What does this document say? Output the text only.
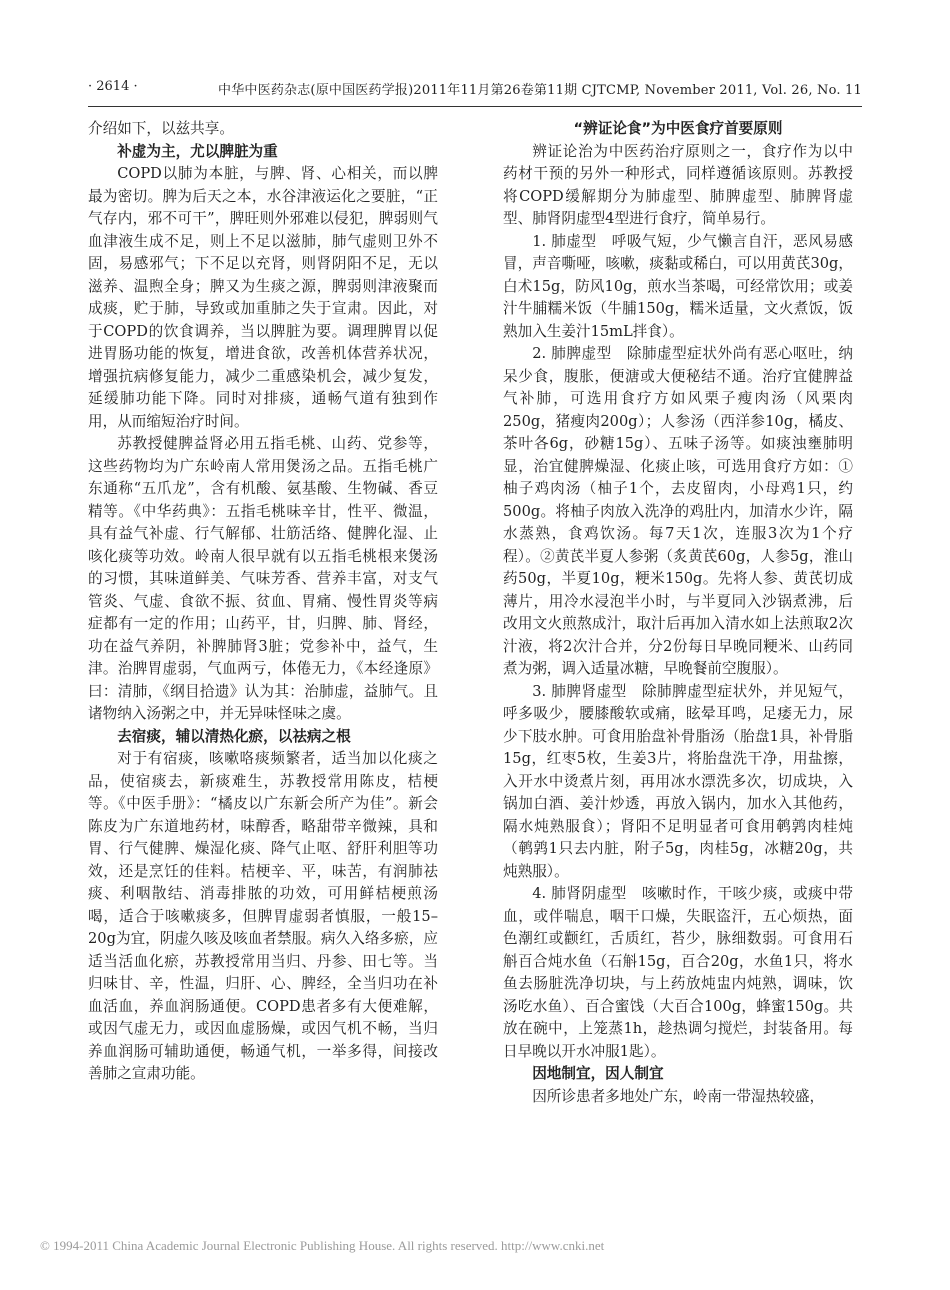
· 2614 ·	中华中医药杂志(原中国医药学报)2011年11月第26卷第11期 CJTCMP, November 2011, Vol. 26, No. 11

介绍如下，以兹共享。

补虚为主，尤以脾脏为重

COPD以肺为本脏，与脾、肾、心相关，而以脾最为密切。脾为后天之本，水谷津液运化之要脏，“正气存内，邪不可干”，脾旺则外邪难以侵犯，脾弱则气血津液生成不足，则上不足以滋肺，肺气虚则卫外不固，易感邪气；下不足以充肾，则肾阴阳不足，无以滋养、温煦全身；脾又为生痰之源，脾弱则津液聚而成痰，贮于肺，导致或加重肺之失于宣肃。因此，对于COPD的饮食调养，当以脾脏为要。调理脾胃以促进胃肠功能的恢复，增进食欲，改善机体营养状况，增强抗病修复能力，减少二重感染机会，减少复发，延缓肺功能下降。同时对排痰，通畅气道有独到作用，从而缩短治疗时间。

苏教授健脾益肾必用五指毛桃、山药、党参等，这些药物均为广东岭南人常用煲汤之品。五指毛桃广东通称“五爪龙”，含有机酸、氨基酸、生物碱、香豆精等。《中华药典》：五指毛桃味辛甘，性平、微温，具有益气补虚、行气解郁、壮筋活络、健脾化湿、止咳化痰等功效。岭南人很早就有以五指毛桃根来煲汤的习惯，其味道鲜美、气味芳香、营养丰富，对支气管炎、气虚、食欲不振、贫血、胃痛、慢性胃炎等病症都有一定的作用；山药平，甘，归脾、肺、肾经，功在益气养阴，补脾肺肾3脏；党参补中，益气，生津。治脾胃虚弱，气血两亏，体倦无力，《本经逢原》曰：清肺，《纲目拾遗》认为其：治肺虚，益肺气。且诸物纳入汤粥之中，并无异味怪味之虞。

去宿痰，辅以清热化瘀，以祛病之根

对于有宿痰，咳嗽咯痰频繁者，适当加以化痰之品，使宿痰去，新痰难生，苏教授常用陈皮，桔梗等。《中医手册》：“橘皮以广东新会所产为佳”。新会陈皮为广东道地药材，味醇香，略甜带辛微辣，具和胃、行气健脾、燥湿化痰、降气止呕、舒肝利胆等功效，还是烹饪的佳料。桔梗辛、平，味苦，有润肺祛痰、利咽散结、消毒排脓的功效，可用鲜桔梗煎汤喝，适合于咳嗽痰多，但脾胃虚弱者慎服，一般15–20g为宜，阴虚久咳及咳血者禁服。病久入络多瘀，应适当活血化瘀，苏教授常用当归、丹参、田七等。当归味甘、辛，性温，归肝、心、脾经，全当归功在补血活血，养血润肠通便。COPD患者多有大便难解，或因气虚无力，或因血虚肠燥，或因气机不畅，当归养血润肠可辅助通便，畅通气机，一举多得，间接改善肺之宣肃功能。

“辨证论食”为中医食疗首要原则

辨证论治为中医药治疗原则之一，食疗作为以中药材干预的另外一种形式，同样遵循该原则。苏教授将COPD缓解期分为肺虚型、肺脾虚型、肺脾肾虚型、肺肾阴虚型4型进行食疗，简单易行。

1. 肺虚型　呼吸气短，少气懒言自汗，恶风易感冒，声音嘶哑，咳嗽，痰黏或稀白，可以用黄芪30g，白术15g，防风10g，煎水当茶喝，可经常饮用；或姜汁牛脯糯米饭（牛脯150g，糯米适量，文火煮饭，饭熟加入生姜汁15mL拌食）。

2. 肺脾虚型　除肺虚型症状外尚有恶心呕吐，纳呆少食，腹胀，便溏或大便秘结不通。治疗宜健脾益气补肺，可选用食疗方如风栗子瘦肉汤（风栗肉250g，猪瘦肉200g）；人参汤（西洋参10g，橘皮、茶叶各6g，砂糖15g）、五味子汤等。如痰浊壅肺明显，治宜健脾燥湿、化痰止咳，可选用食疗方如：①柚子鸡肉汤（柚子1个，去皮留肉，小母鸡1只，约500g。将柚子肉放入洗净的鸡肚内，加清水少许，隔水蒸熟，食鸡饮汤。每7天1次，连服3次为1个疗程）。②黄芪半夏人参粥（炙黄芪60g，人参5g，淮山药50g，半夏10g，粳米150g。先将人参、黄芪切成薄片，用冷水浸泡半小时，与半夏同入沙锅煮沸，后改用文火煎熬成汁，取汁后再加入清水如上法煎取2次汁液，将2次汁合并，分2份每日早晚同粳米、山药同煮为粥，调入适量冰糖，早晚餐前空腹服）。

3. 肺脾肾虚型　除肺脾虚型症状外，并见短气，呼多吸少，腰膝酸软或痛，眩晕耳鸣，足痿无力，尿少下肢水肿。可食用胎盘补骨脂汤（胎盘1具，补骨脂15g，红枣5枚，生姜3片，将胎盘洗干净，用盐擦，入开水中烫煮片刻，再用冰水漂洗多次，切成块，入锅加白酒、姜汁炒透，再放入锅内，加水入其他药，隔水炖熟服食）；肾阳不足明显者可食用鹌鹑肉桂炖（鹌鹑1只去内脏，附子5g，肉桂5g，冰糖20g，共炖熟服）。

4. 肺肾阴虚型　咳嗽时作，干咳少痰，或痰中带血，或伴喘息，咽干口燥，失眠盗汗，五心烦热，面色潮红或颧红，舌质红，苔少，脉细数弱。可食用石斛百合炖水鱼（石斛15g，百合20g，水鱼1只，将水鱼去肠脏洗净切块，与上药放炖盅内炖熟，调味，饮汤吃水鱼）、百合蜜饯（大百合100g，蜂蜜150g。共放在碗中，上笼蒸1h，趁热调匀搅烂，封装备用。每日早晚以开水冲服1匙）。

因地制宜，因人制宜

因所诊患者多地处广东，岭南一带湿热较盛，

© 1994-2011 China Academic Journal Electronic Publishing House. All rights reserved. http://www.cnki.net
